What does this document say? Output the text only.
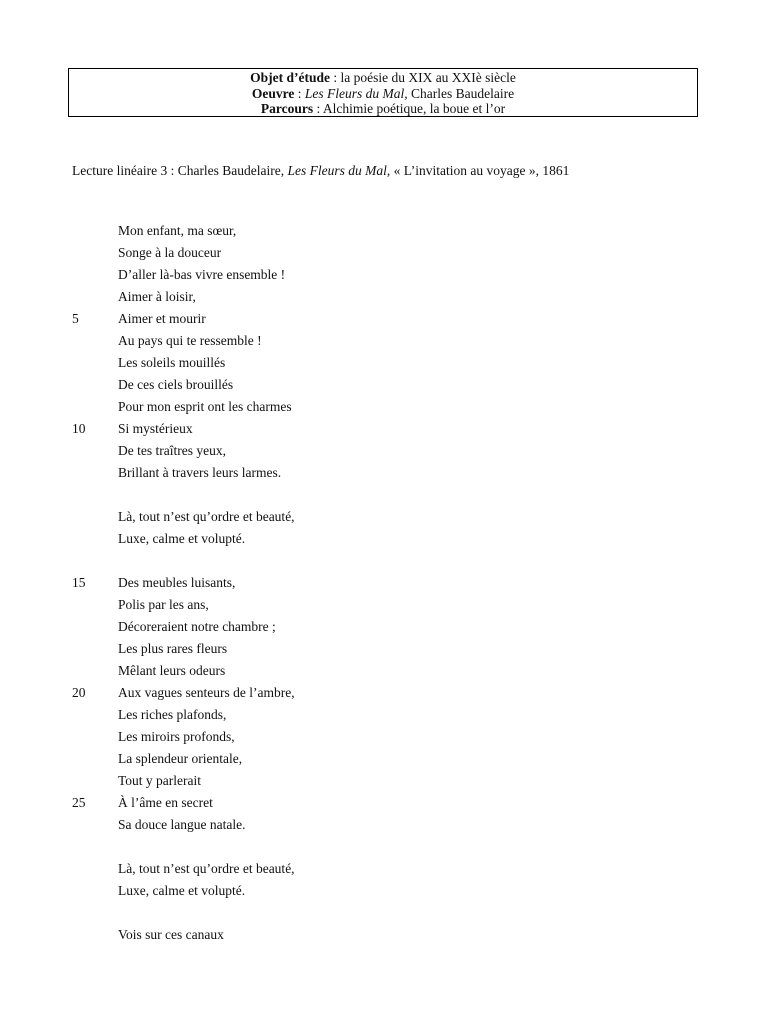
Objet d’étude : la poésie du XIX au XXIè siècle
Oeuvre : Les Fleurs du Mal, Charles Baudelaire
Parcours : Alchimie poétique, la boue et l’or
Lecture linéaire 3 : Charles Baudelaire, Les Fleurs du Mal, « L’invitation au voyage », 1861
Mon enfant, ma sœur,
Songe à la douceur
D’aller là-bas vivre ensemble !
Aimer à loisir,
5	Aimer et mourir
Au pays qui te ressemble !
Les soleils mouillés
De ces ciels brouillés
Pour mon esprit ont les charmes
10	Si mystérieux
De tes traîtres yeux,
Brillant à travers leurs larmes.
Là, tout n’est qu’ordre et beauté,
Luxe, calme et volupté.
15	Des meubles luisants,
Polis par les ans,
Décoreraient notre chambre ;
Les plus rares fleurs
Mêlant leurs odeurs
20	Aux vagues senteurs de l’ambre,
Les riches plafonds,
Les miroirs profonds,
La splendeur orientale,
Tout y parlerait
25	À l’âme en secret
Sa douce langue natale.
Là, tout n’est qu’ordre et beauté,
Luxe, calme et volupté.
Vois sur ces canaux
